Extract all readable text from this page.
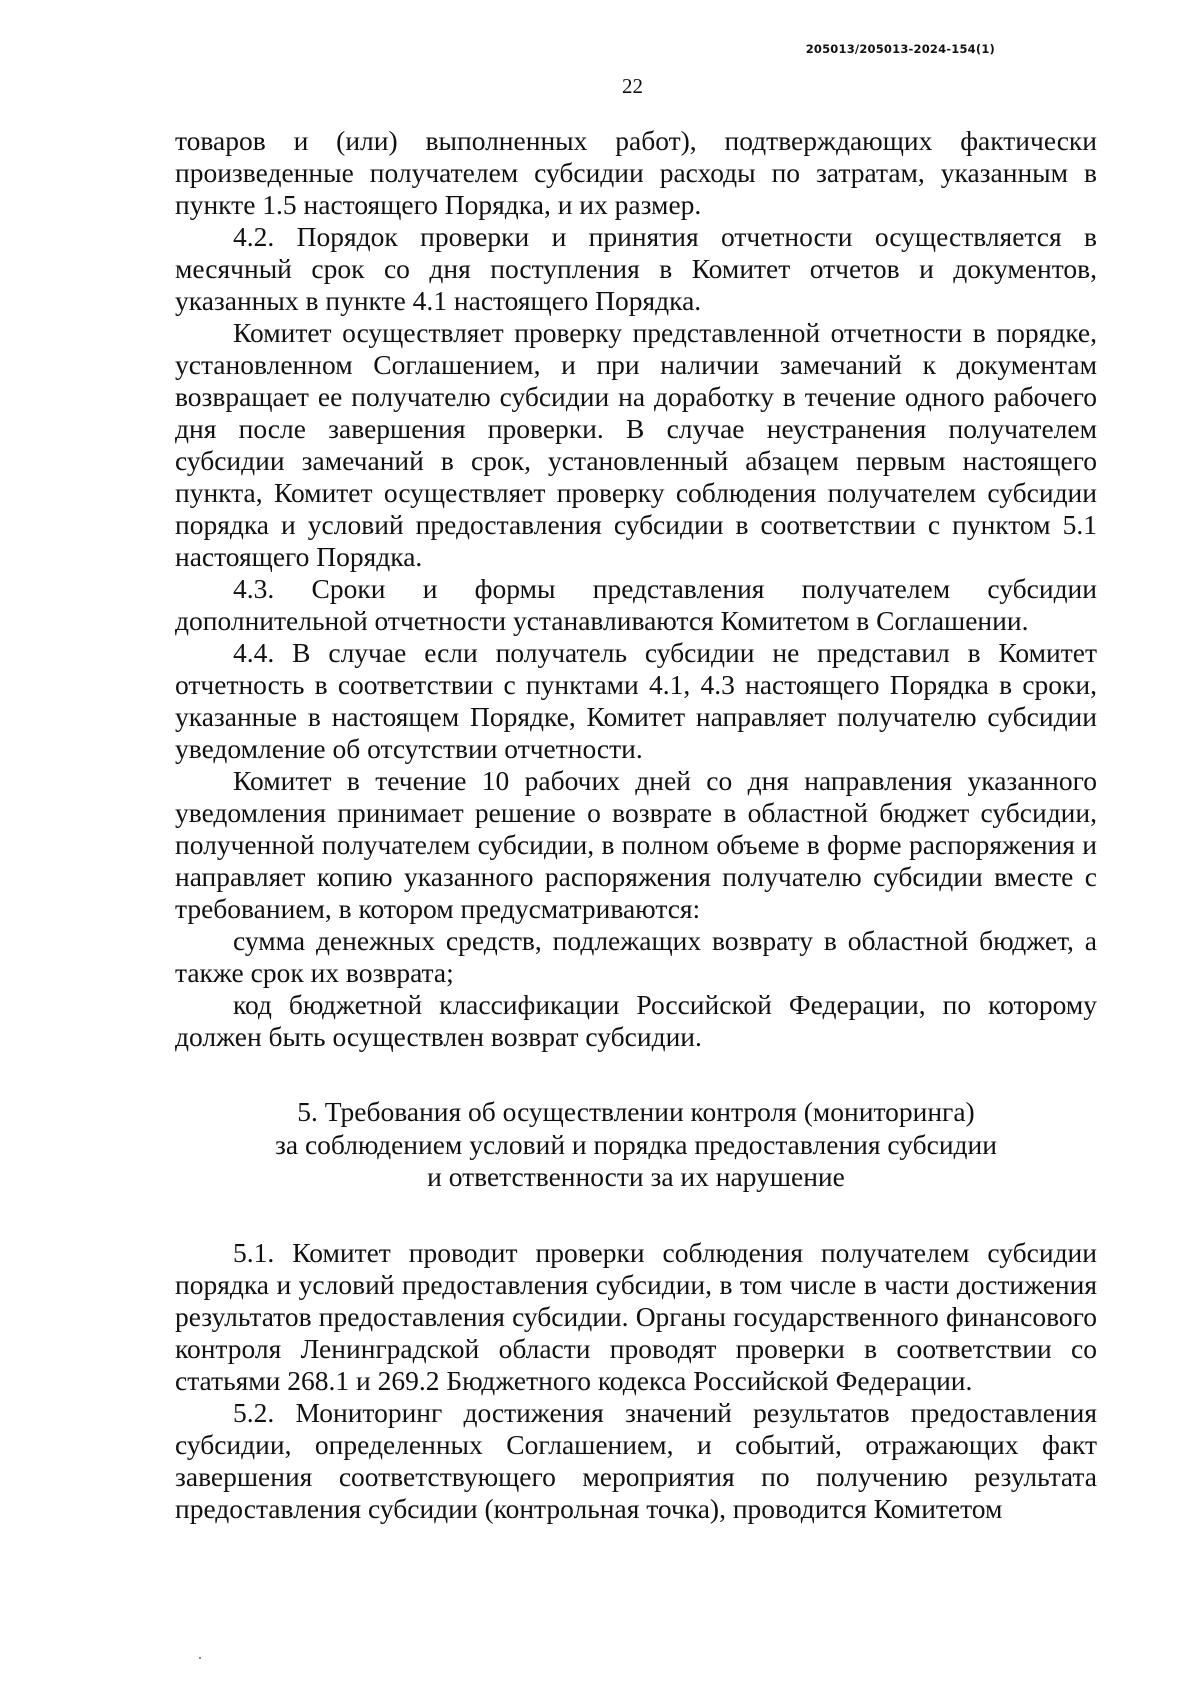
205013/205013-2024-154(1)
22

товаров и (или) выполненных работ), подтверждающих фактически произведенные получателем субсидии расходы по затратам, указанным в пункте 1.5 настоящего Порядка, и их размер.

4.2. Порядок проверки и принятия отчетности осуществляется в месячный срок со дня поступления в Комитет отчетов и документов, указанных в пункте 4.1 настоящего Порядка.

Комитет осуществляет проверку представленной отчетности в порядке, установленном Соглашением, и при наличии замечаний к документам возвращает ее получателю субсидии на доработку в течение одного рабочего дня после завершения проверки. В случае неустранения получателем субсидии замечаний в срок, установленный абзацем первым настоящего пункта, Комитет осуществляет проверку соблюдения получателем субсидии порядка и условий предоставления субсидии в соответствии с пунктом 5.1 настоящего Порядка.

4.3. Сроки и формы представления получателем субсидии дополнительной отчетности устанавливаются Комитетом в Соглашении.

4.4. В случае если получатель субсидии не представил в Комитет отчетность в соответствии с пунктами 4.1, 4.3 настоящего Порядка в сроки, указанные в настоящем Порядке, Комитет направляет получателю субсидии уведомление об отсутствии отчетности.

Комитет в течение 10 рабочих дней со дня направления указанного уведомления принимает решение о возврате в областной бюджет субсидии, полученной получателем субсидии, в полном объеме в форме распоряжения и направляет копию указанного распоряжения получателю субсидии вместе с требованием, в котором предусматриваются:

сумма денежных средств, подлежащих возврату в областной бюджет, а также срок их возврата;

код бюджетной классификации Российской Федерации, по которому должен быть осуществлен возврат субсидии.

5. Требования об осуществлении контроля (мониторинга)
за соблюдением условий и порядка предоставления субсидии
и ответственности за их нарушение

5.1. Комитет проводит проверки соблюдения получателем субсидии порядка и условий предоставления субсидии, в том числе в части достижения результатов предоставления субсидии. Органы государственного финансового контроля Ленинградской области проводят проверки в соответствии со статьями 268.1 и 269.2 Бюджетного кодекса Российской Федерации.

5.2. Мониторинг достижения значений результатов предоставления субсидии, определенных Соглашением, и событий, отражающих факт завершения соответствующего мероприятия по получению результата предоставления субсидии (контрольная точка), проводится Комитетом
